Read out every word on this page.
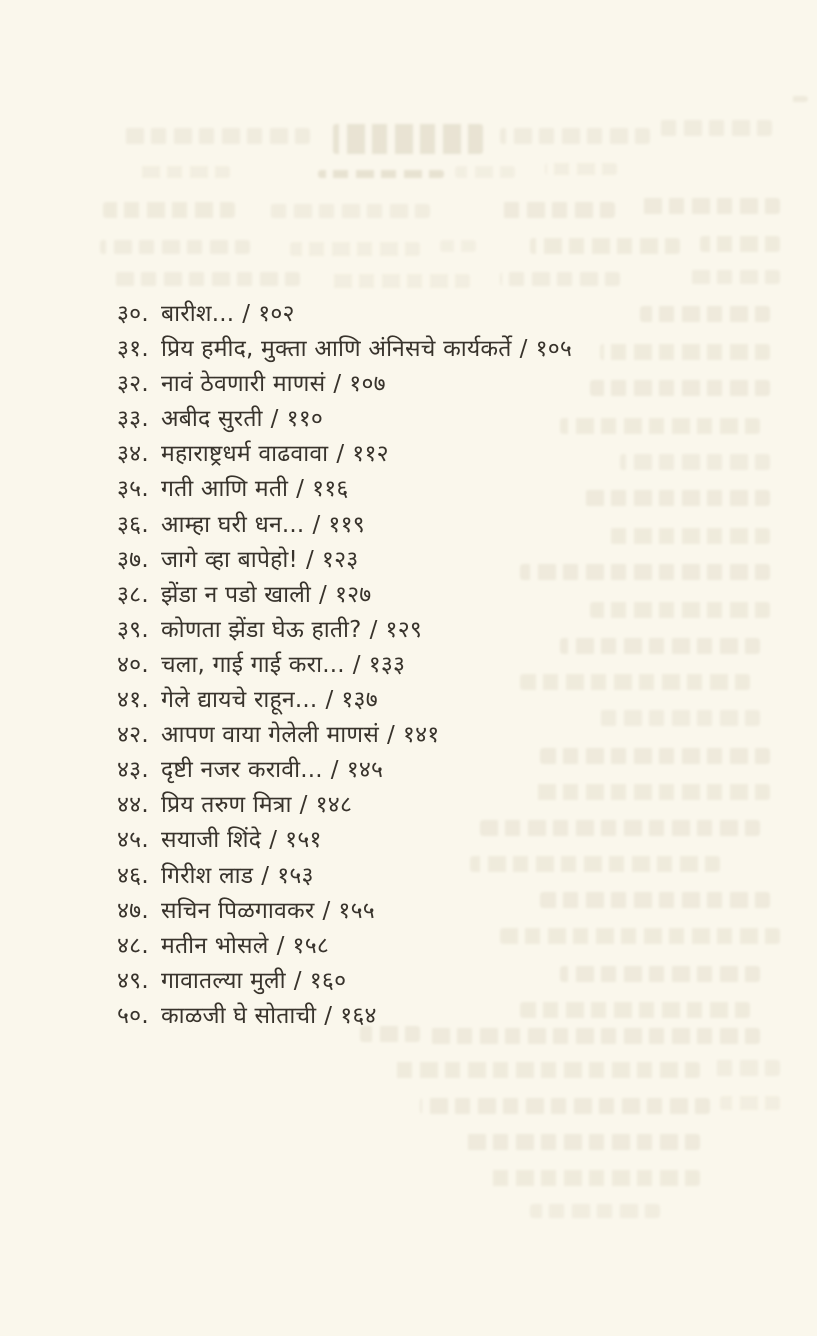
३०. बारीश... / १०२
३१. प्रिय हमीद, मुक्ता आणि अंनिसचे कार्यकर्ते / १०५
३२. नावं ठेवणारी माणसं / १०७
३३. अबीद सुरती / ११०
३४. महाराष्ट्रधर्म वाढवावा / ११२
३५. गती आणि मती / ११६
३६. आम्हा घरी धन... / ११९
३७. जागे व्हा बापेहो! / १२३
३८. झेंडा न पडो खाली / १२७
३९. कोणता झेंडा घेऊ हाती? / १२९
४०. चला, गाई गाई करा... / १३३
४१. गेले द्यायचे राहून... / १३७
४२. आपण वाया गेलेली माणसं / १४१
४३. दृष्टी नजर करावी... / १४५
४४. प्रिय तरुण मित्रा / १४८
४५. सयाजी शिंदे / १५१
४६. गिरीश लाड / १५३
४७. सचिन पिळगावकर / १५५
४८. मतीन भोसले / १५८
४९. गावातल्या मुली / १६०
५०. काळजी घे सोताची / १६४
